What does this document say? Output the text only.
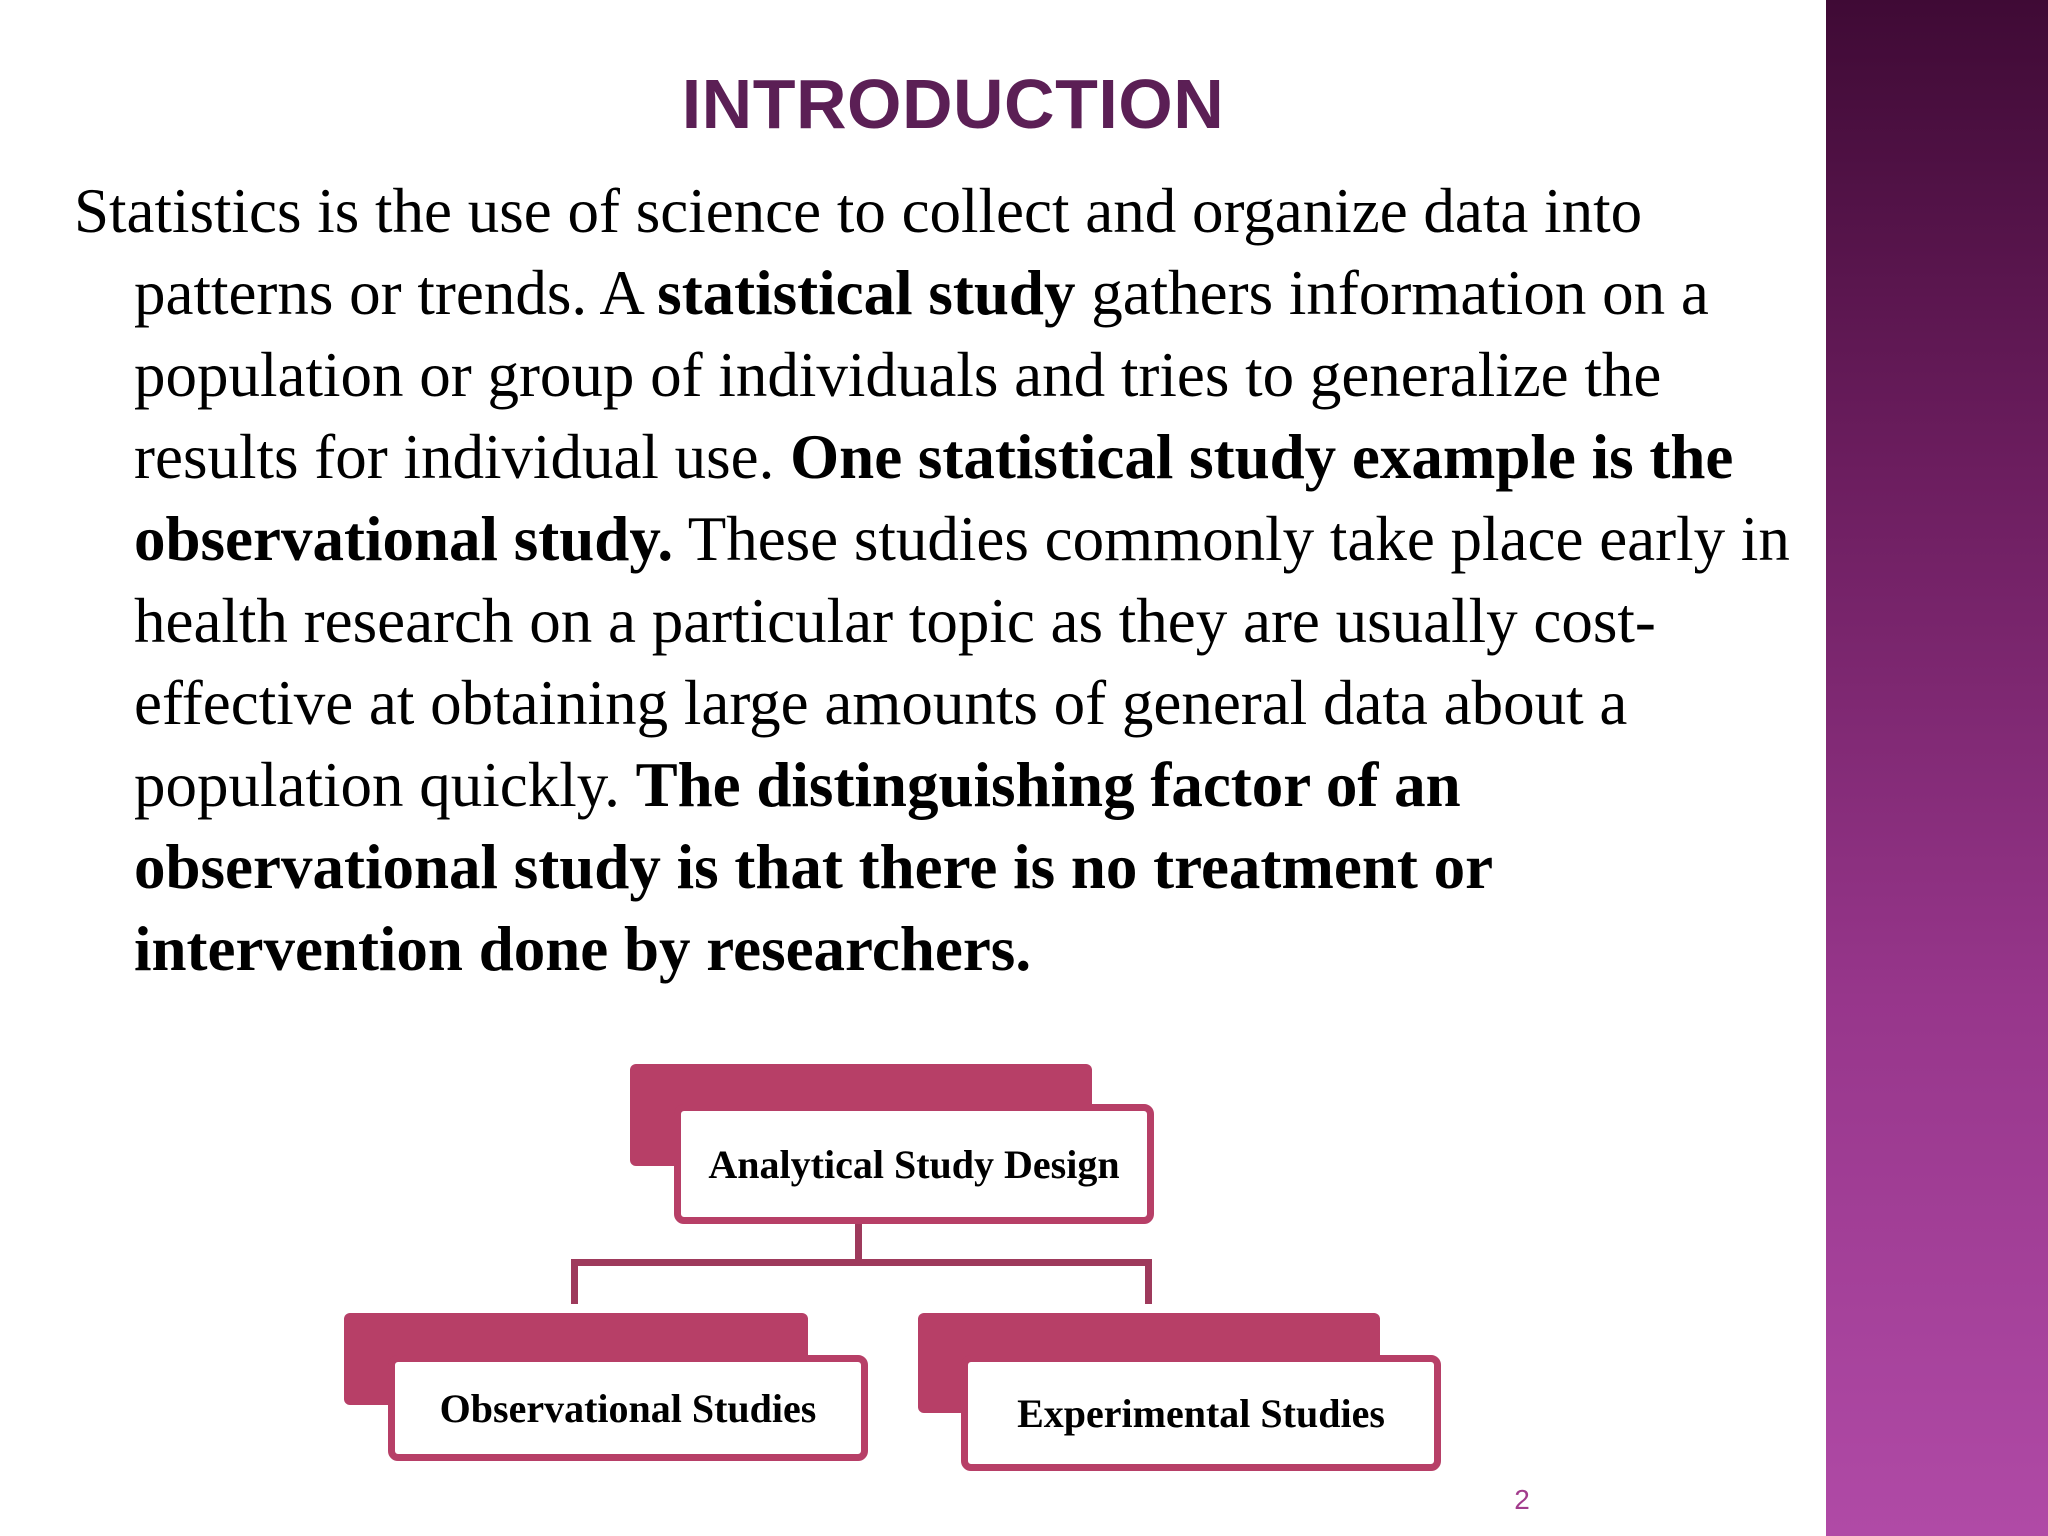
INTRODUCTION

Statistics is the use of science to collect and organize data into patterns or trends. A statistical study gathers information on a population or group of individuals and tries to generalize the results for individual use. One statistical study example is the observational study. These studies commonly take place early in health research on a particular topic as they are usually cost-effective at obtaining large amounts of general data about a population quickly. The distinguishing factor of an observational study is that there is no treatment or intervention done by researchers.

Analytical Study Design
Observational Studies	Experimental Studies
2
